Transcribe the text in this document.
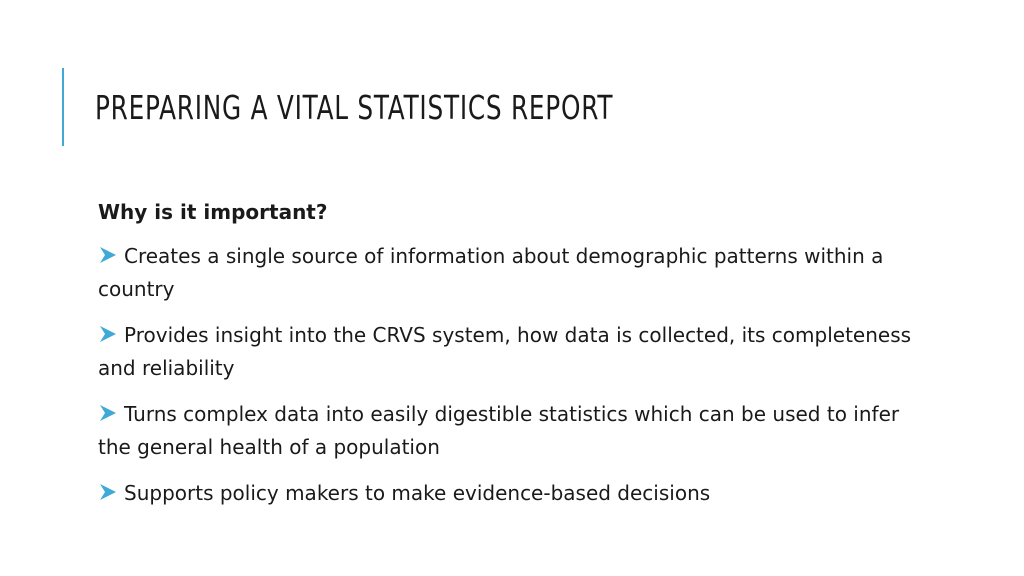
PREPARING A VITAL STATISTICS REPORT

Why is it important?

Creates a single source of information about demographic patterns within a country
Provides insight into the CRVS system, how data is collected, its completeness and reliability
Turns complex data into easily digestible statistics which can be used to infer the general health of a population
Supports policy makers to make evidence-based decisions
